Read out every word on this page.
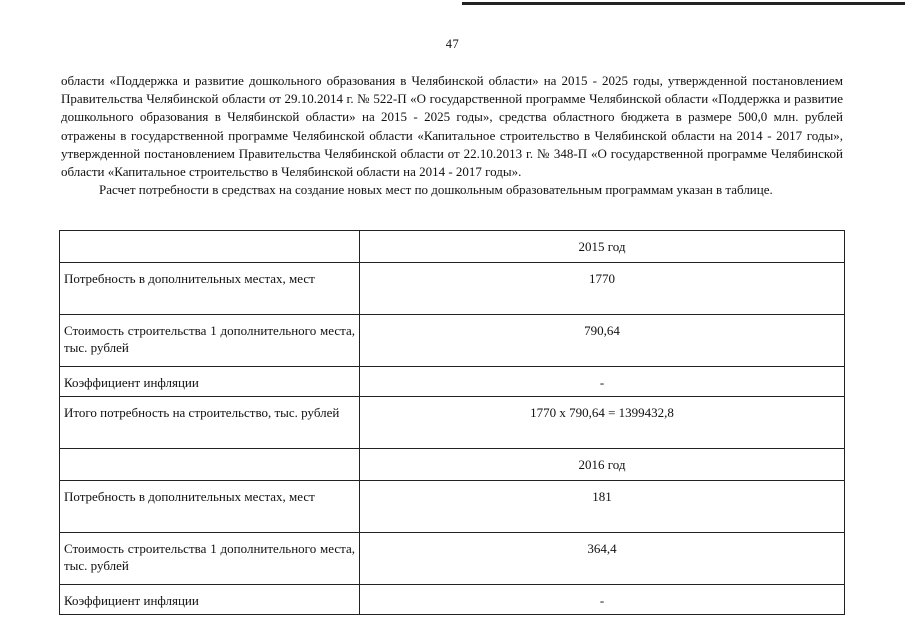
47

области «Поддержка и развитие дошкольного образования в Челябинской области» на 2015 - 2025 годы, утвержденной постановлением Правительства Челябинской области от 29.10.2014 г. № 522-П «О государственной программе Челябинской области «Поддержка и развитие дошкольного образования в Челябинской области» на 2015 - 2025 годы», средства областного бюджета в размере 500,0 млн. рублей отражены в государственной программе Челябинской области «Капитальное строительство в Челябинской области на 2014 - 2017 годы», утвержденной постановлением Правительства Челябинской области от 22.10.2013 г. № 348-П «О государственной программе Челябинской области «Капитальное строительство в Челябинской области на 2014 - 2017 годы».

Расчет потребности в средствах на создание новых мест по дошкольным образовательным программам указан в таблице.

	2015 год
Потребность в дополнительных местах, мест	1770
Стоимость строительства 1 дополнительного места, тыс. рублей	790,64
Коэффициент инфляции	-
Итого потребность на строительство, тыс. рублей	1770 x 790,64 = 1399432,8
	2016 год
Потребность в дополнительных местах, мест	181
Стоимость строительства 1 дополнительного места, тыс. рублей	364,4
Коэффициент инфляции	-
